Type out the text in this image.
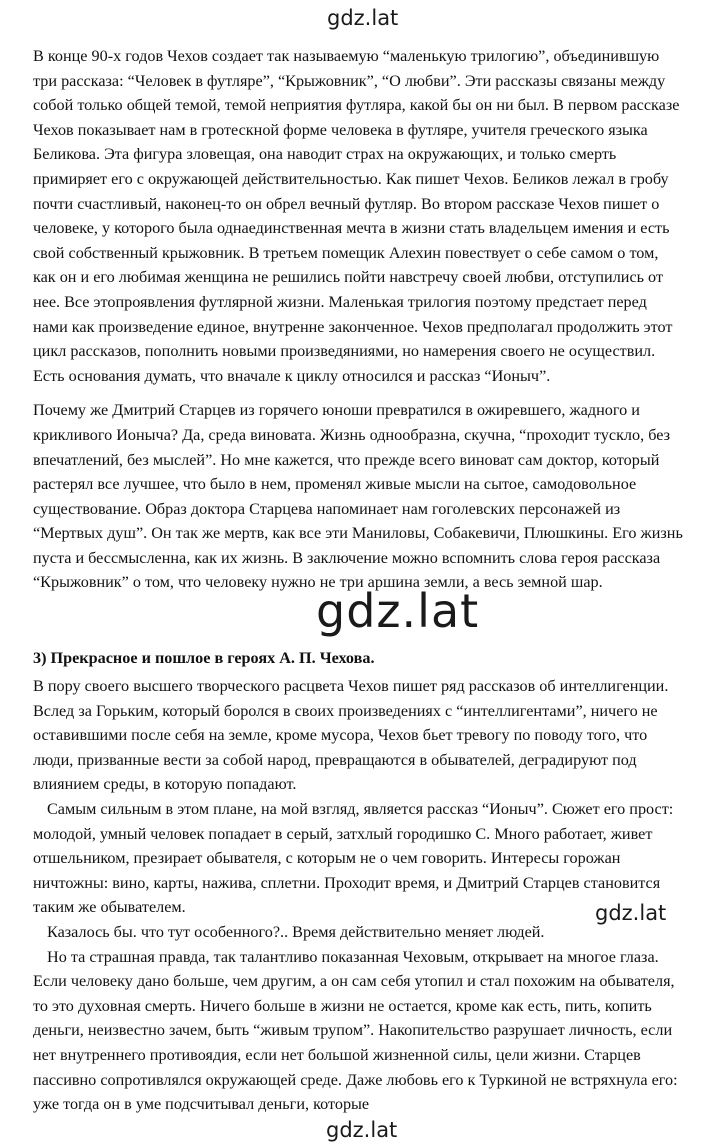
gdz.lat

В конце 90-х годов Чехов создает так называемую “маленькую трилогию”, объединившую три рассказа: “Человек в футляре”, “Крыжовник”, “О любви”. Эти рассказы связаны между собой только общей темой, темой неприятия футляра, какой бы он ни был. В первом рассказе Чехов показывает нам в гротескной форме человека в футляре, учителя греческого языка Беликова. Эта фигура зловещая, она наводит страх на окружающих, и только смерть примиряет его с окружающей действительностью. Как пишет Чехов. Беликов лежал в гробу почти счастливый, наконец-то он обрел вечный футляр. Во втором рассказе Чехов пишет о человеке, у которого была однаединственная мечта в жизни стать владельцем имения и есть свой собственный крыжовник. В третьем помещик Алехин повествует о себе самом о том, как он и его любимая женщина не решились пойти навстречу своей любви, отступились от нее. Все этопроявления футлярной жизни. Маленькая трилогия поэтому предстает перед нами как произведение единое, внутренне законченное. Чехов предполагал продолжить этот цикл рассказов, пополнить новыми произведяниями, но намерения своего не осуществил. Есть основания думать, что вначале к циклу относился и рассказ “Ионыч”.

Почему же Дмитрий Старцев из горячего юноши превратился в ожиревшего, жадного и крикливого Ионыча? Да, среда виновата. Жизнь однообразна, скучна, “проходит тускло, без впечатлений, без мыслей”. Но мне кажется, что прежде всего виноват сам доктор, который растерял все лучшее, что было в нем, променял живые мысли на сытое, самодовольное существование. Образ доктора Старцева напоминает нам гоголевских персонажей из “Мертвых душ”. Он так же мертв, как все эти Маниловы, Собакевичи, Плюшкины. Его жизнь пуста и бессмысленна, как их жизнь. В заключение можно вспомнить слова героя рассказа “Крыжовник” о том, что человеку нужно не три аршина земли, а весь земной шар.

gdz.lat
3) Прекрасное и пошлое в героях А. П. Чехова.

В пору своего высшего творческого расцвета Чехов пишет ряд рассказов об интеллигенции. Вслед за Горьким, который боролся в своих произведениях с “интеллигентами”, ничего не оставившими после себя на земле, кроме мусора, Чехов бьет тревогу по поводу того, что люди, призванные вести за собой народ, превращаются в обывателей, деградируют под влиянием среды, в которую попадают.

Самым сильным в этом плане, на мой взгляд, является рассказ “Ионыч”. Сюжет его прост: молодой, умный человек попадает в серый, затхлый городишко С. Много работает, живет отшельником, презирает обывателя, с которым не о чем говорить. Интересы горожан ничтожны: вино, карты, нажива, сплетни. Проходит время, и Дмитрий Старцев становится таким же обывателем.

Казалось бы. что тут особенного?.. Время действительно меняет людей.

Но та страшная правда, так талантливо показанная Чеховым, открывает на многое глаза. Если человеку дано больше, чем другим, а он сам себя утопил и стал похожим на обывателя, то это духовная смерть. Ничего больше в жизни не остается, кроме как есть, пить, копить деньги, неизвестно зачем, быть “живым трупом”. Накопительство разрушает личность, если нет внутреннего противоядия, если нет большой жизненной силы, цели жизни. Старцев пассивно сопротивлялся окружающей среде. Даже любовь его к Туркиной не встряхнула его: уже тогда он в уме подсчитывал деньги, которые

gdz.lat
gdz.lat
